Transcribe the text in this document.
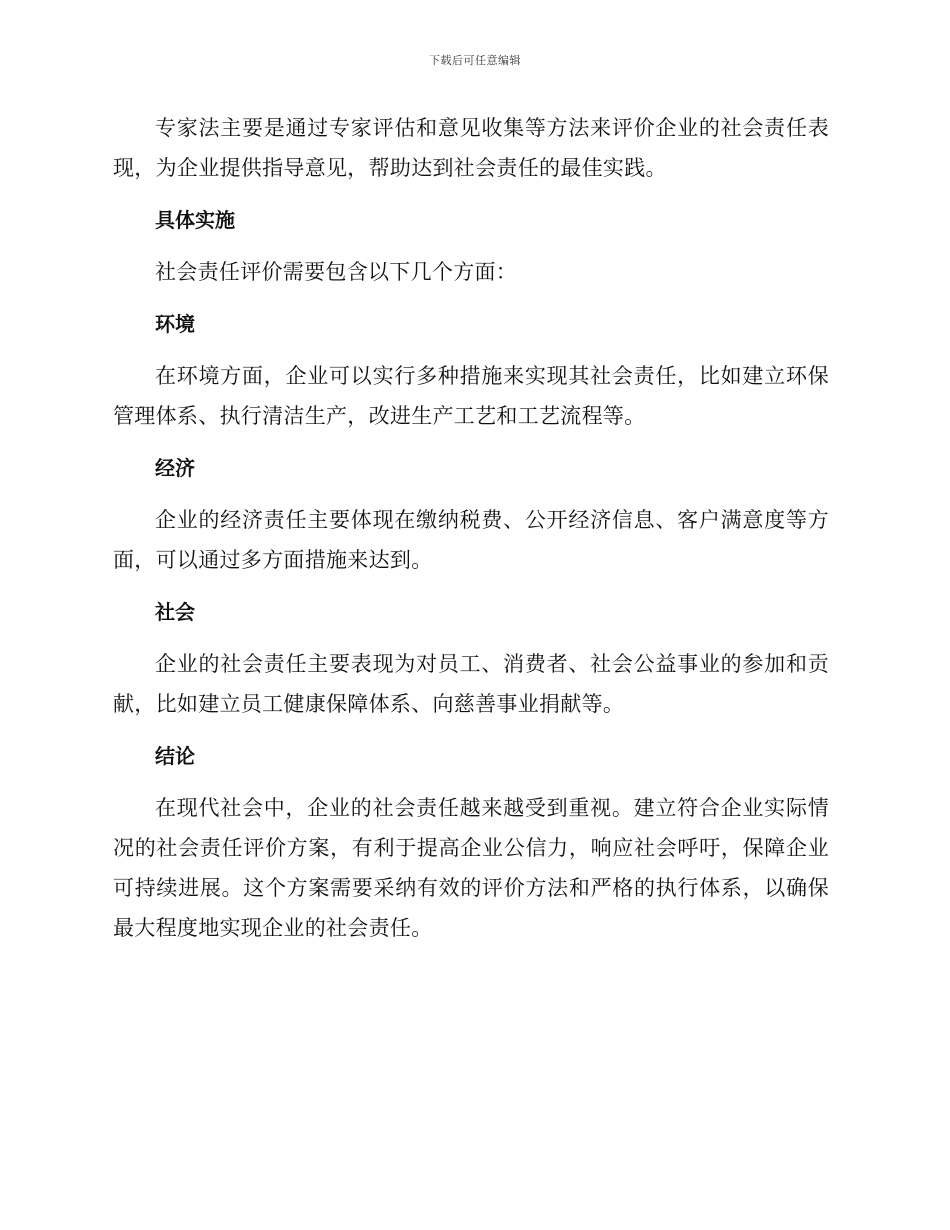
下载后可任意编辑

专家法主要是通过专家评估和意见收集等方法来评价企业的社会责任表现，为企业提供指导意见，帮助达到社会责任的最佳实践。

具体实施

社会责任评价需要包含以下几个方面：

环境

在环境方面，企业可以实行多种措施来实现其社会责任，比如建立环保管理体系、执行清洁生产，改进生产工艺和工艺流程等。

经济

企业的经济责任主要体现在缴纳税费、公开经济信息、客户满意度等方面，可以通过多方面措施来达到。

社会

企业的社会责任主要表现为对员工、消费者、社会公益事业的参加和贡献，比如建立员工健康保障体系、向慈善事业捐献等。

结论

在现代社会中，企业的社会责任越来越受到重视。建立符合企业实际情况的社会责任评价方案，有利于提高企业公信力，响应社会呼吁，保障企业可持续进展。这个方案需要采纳有效的评价方法和严格的执行体系，以确保最大程度地实现企业的社会责任。
